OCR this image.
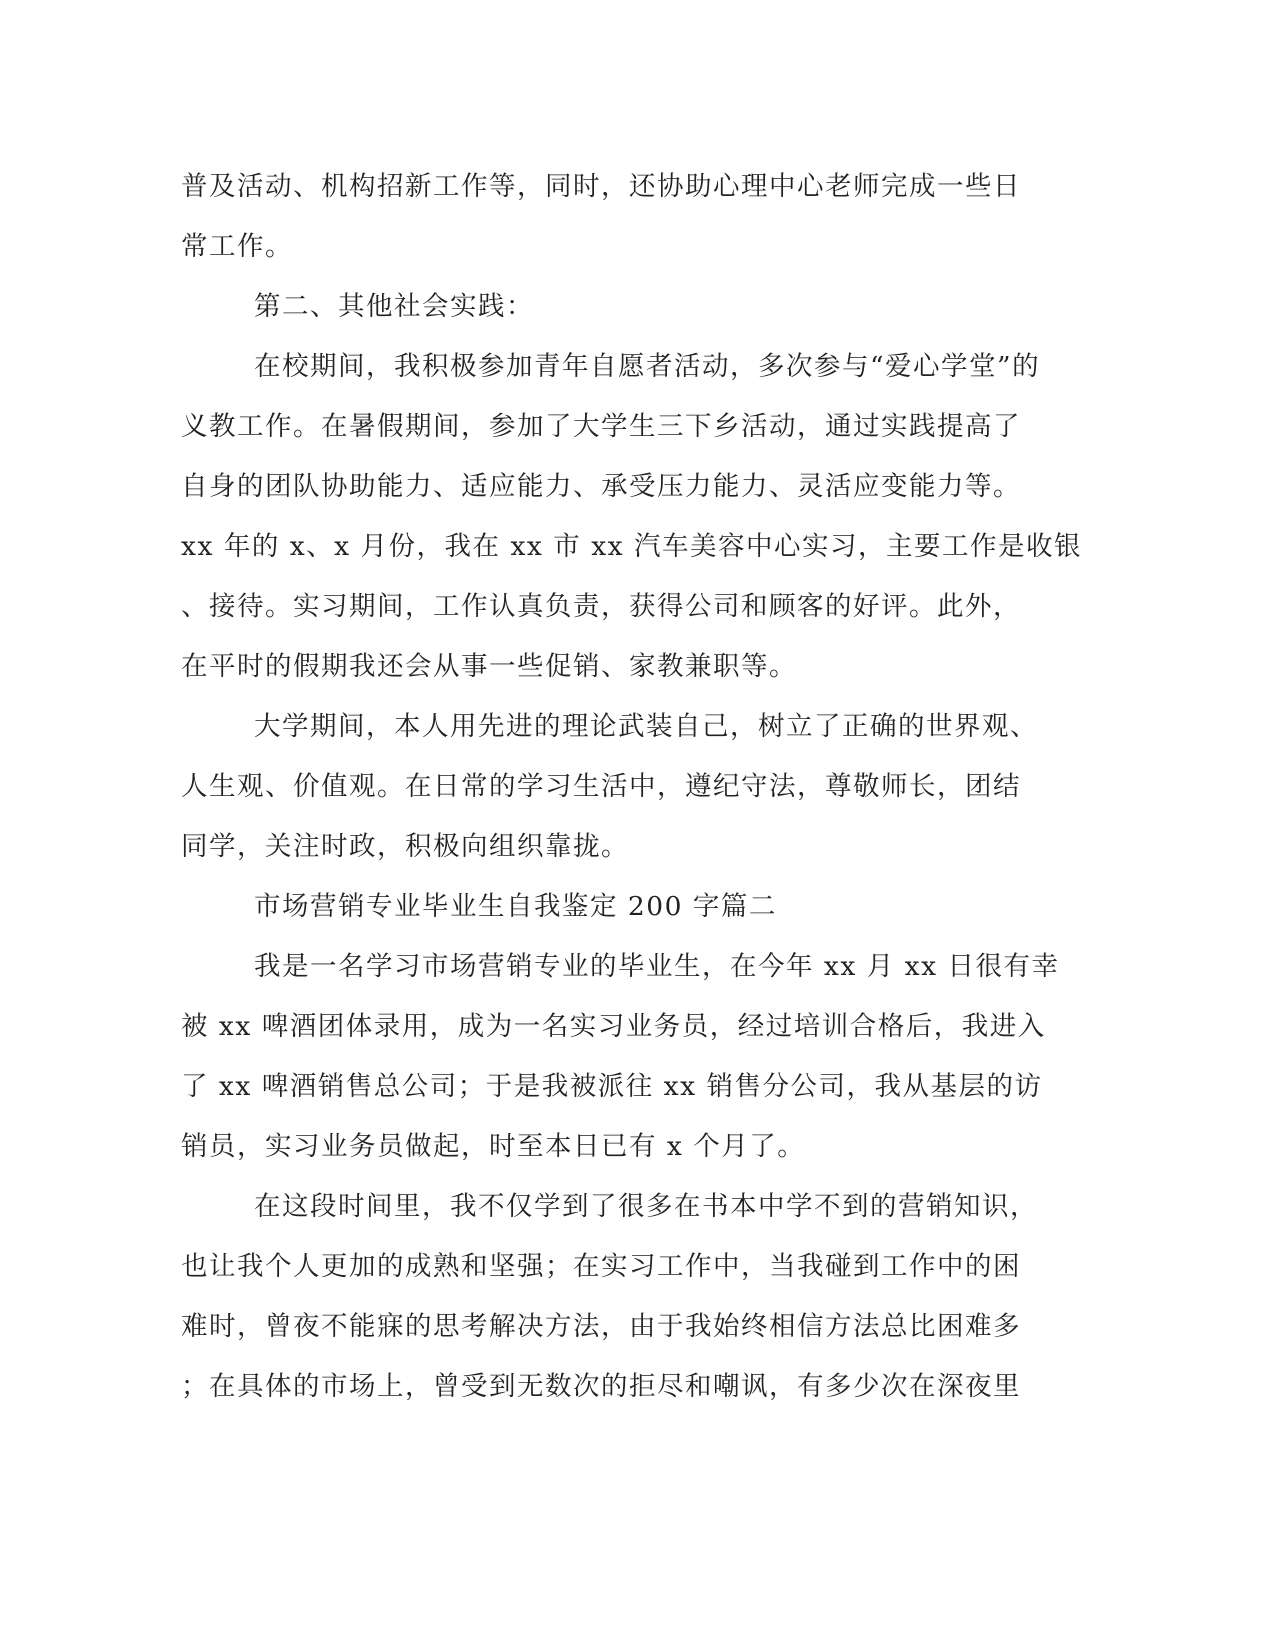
普及活动、机构招新工作等，同时，还协助心理中心老师完成一些日
常工作。
第二、其他社会实践：
在校期间，我积极参加青年自愿者活动，多次参与“爱心学堂”的
义教工作。在暑假期间，参加了大学生三下乡活动，通过实践提高了
自身的团队协助能力、适应能力、承受压力能力、灵活应变能力等。
xx 年的 x、x 月份，我在 xx 市 xx 汽车美容中心实习，主要工作是收银
、接待。实习期间，工作认真负责，获得公司和顾客的好评。此外，
在平时的假期我还会从事一些促销、家教兼职等。
大学期间，本人用先进的理论武装自己，树立了正确的世界观、
人生观、价值观。在日常的学习生活中，遵纪守法，尊敬师长，团结
同学，关注时政，积极向组织靠拢。
市场营销专业毕业生自我鉴定 200 字篇二
我是一名学习市场营销专业的毕业生，在今年 xx 月 xx 日很有幸
被 xx 啤酒团体录用，成为一名实习业务员，经过培训合格后，我进入
了 xx 啤酒销售总公司；于是我被派往 xx 销售分公司，我从基层的访
销员，实习业务员做起，时至本日已有 x 个月了。
在这段时间里，我不仅学到了很多在书本中学不到的营销知识，
也让我个人更加的成熟和坚强；在实习工作中，当我碰到工作中的困
难时，曾夜不能寐的思考解决方法，由于我始终相信方法总比困难多
；在具体的市场上，曾受到无数次的拒尽和嘲讽，有多少次在深夜里
